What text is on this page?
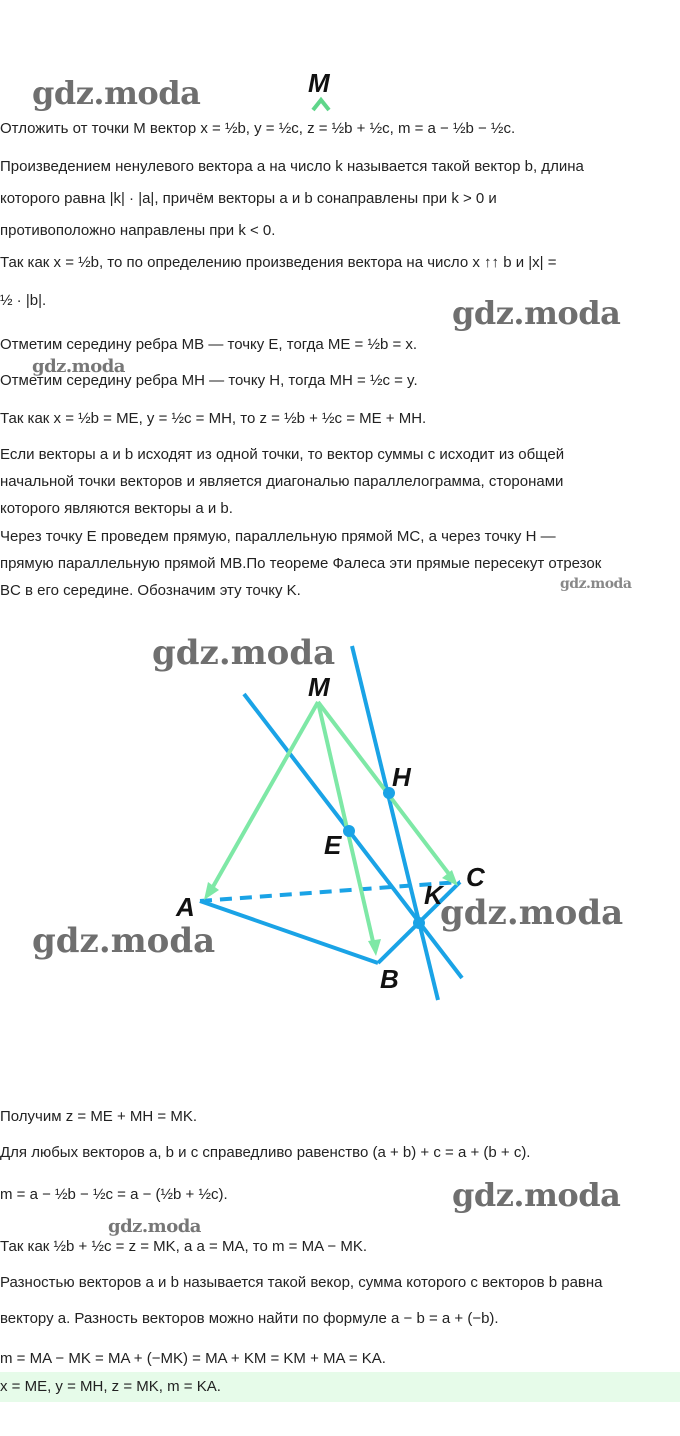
gdz.moda
gdz.moda
gdz.moda
gdz.moda
gdz.moda
gdz.moda
M
Отложить от точки M вектор x = ½b, y = ½c, z = ½b + ½c, m = a − ½b − ½c.
Произведением ненулевого вектора a на число k называется такой вектор b, длина
которого равна |k| · |a|, причём векторы a и b сонаправлены при k > 0 и
противоположно направлены при k < 0.
Так как x = ½b, то по определению произведения вектора на число x ↑↑ b и |x| =
½ · |b|.
Отметим середину ребра MB — точку E, тогда ME = ½b = x.
Отметим середину ребра MH — точку H, тогда MH = ½c = y.
Так как x = ½b = ME, y = ½c = MH, то z = ½b + ½c = ME + MH.
Если векторы a и b исходят из одной точки, то вектор суммы c исходит из общей
начальной точки векторов и является диагональю параллелограмма, сторонами
которого являются векторы a и b.
Через точку E проведем прямую, параллельную прямой MC, а через точку H —
прямую параллельную прямой MB.По теореме Фалеса эти прямые пересекут отрезок
BC в его середине. Обозначим эту точку K.
gdz.moda
gdz.moda
gdz.moda
M
H
E
C
K
A
B
Получим z = ME + MH = MK.
Для любых векторов a, b и c справедливо равенство (a + b) + c = a + (b + c).
m = a − ½b − ½c = a − (½b + ½c).
Так как ½b + ½c = z = MK, а a = MA, то m = MA − MK.
Разностью векторов a и b называется такой векор, сумма которого с векторов b равна
вектору a. Разность векторов можно найти по формуле a − b = a + (−b).
m = MA − MK = MA + (−MK) = MA + KM = KM + MA = KA.
x = ME, y = MH, z = MK, m = KA.
